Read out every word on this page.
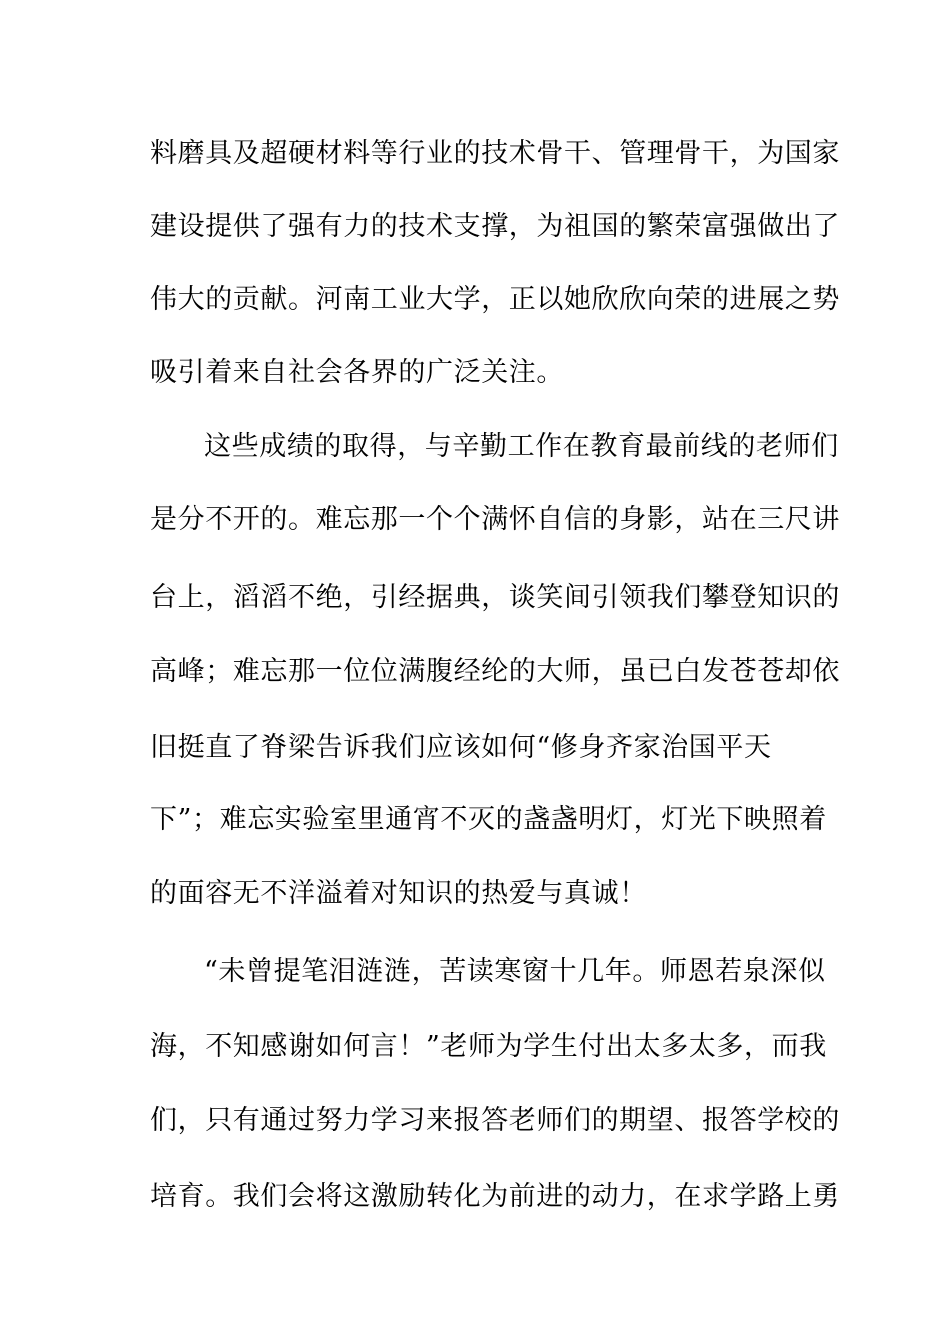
料磨具及超硬材料等行业的技术骨干、管理骨干，为国家
建设提供了强有力的技术支撑，为祖国的繁荣富强做出了
伟大的贡献。河南工业大学，正以她欣欣向荣的进展之势
吸引着来自社会各界的广泛关注。
这些成绩的取得，与辛勤工作在教育最前线的老师们
是分不开的。难忘那一个个满怀自信的身影，站在三尺讲
台上，滔滔不绝，引经据典，谈笑间引领我们攀登知识的
高峰；难忘那一位位满腹经纶的大师，虽已白发苍苍却依
旧挺直了脊梁告诉我们应该如何“修身齐家治国平天
下”；难忘实验室里通宵不灭的盏盏明灯，灯光下映照着
的面容无不洋溢着对知识的热爱与真诚！
“未曾提笔泪涟涟，苦读寒窗十几年。师恩若泉深似
海，不知感谢如何言！”老师为学生付出太多太多，而我
们，只有通过努力学习来报答老师们的期望、报答学校的
培育。我们会将这激励转化为前进的动力，在求学路上勇
